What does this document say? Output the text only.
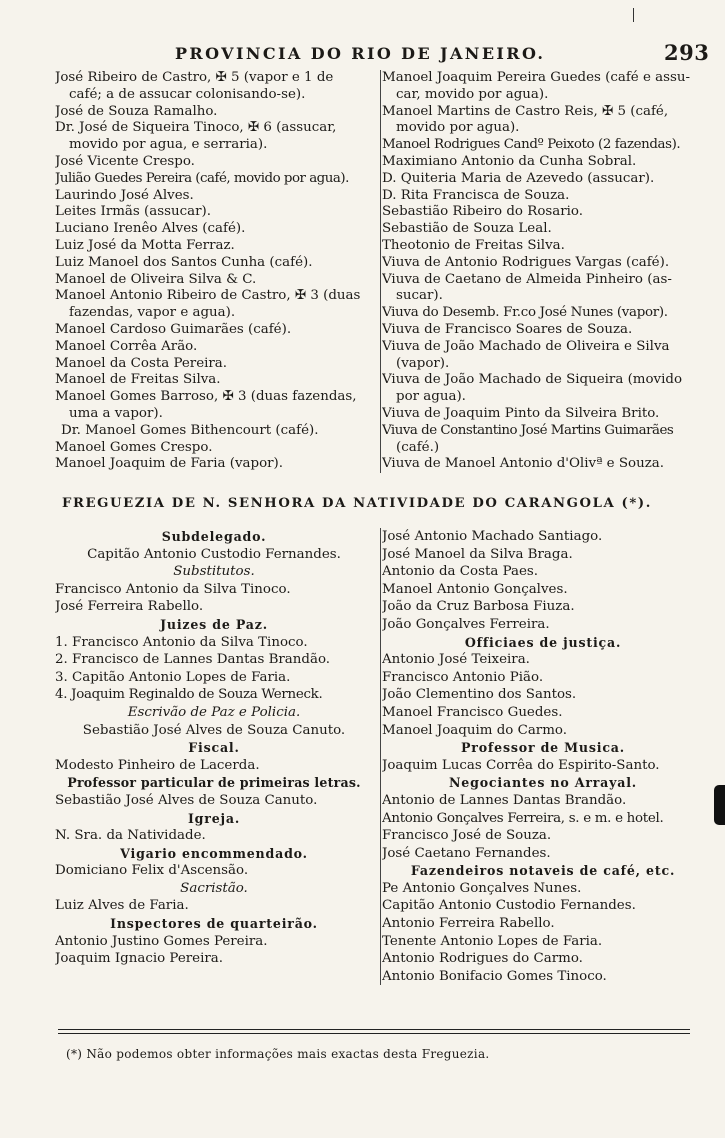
PROVINCIA DO RIO DE JANEIRO.	293

José Ribeiro de Castro, ✠ 5 (vapor e 1 de

café; a de assucar colonisando-se).

José de Souza Ramalho.

Dr. José de Siqueira Tinoco, ✠ 6 (assucar,

movido por agua, e serraria).

José Vicente Crespo.

Julião Guedes Pereira (café, movido por agua).

Laurindo José Alves.

Leites Irmãs (assucar).

Luciano Irenêo Alves (café).

Luiz José da Motta Ferraz.

Luiz Manoel dos Santos Cunha (café).

Manoel de Oliveira Silva & C.

Manoel Antonio Ribeiro de Castro, ✠ 3 (duas

fazendas, vapor e agua).

Manoel Cardoso Guimarães (café).

Manoel Corrêa Arão.

Manoel da Costa Pereira.

Manoel de Freitas Silva.

Manoel Gomes Barroso, ✠ 3 (duas fazendas,

uma a vapor).

Dr. Manoel Gomes Bithencourt (café).

Manoel Gomes Crespo.

Manoel Joaquim de Faria (vapor).

Manoel Joaquim Pereira Guedes (café e assu-

car, movido por agua).

Manoel Martins de Castro Reis, ✠ 5 (café,

movido por agua).

Manoel Rodrigues Candº Peixoto (2 fazendas).

Maximiano Antonio da Cunha Sobral.

D. Quiteria Maria de Azevedo (assucar).

D. Rita Francisca de Souza.

Sebastião Ribeiro do Rosario.

Sebastião de Souza Leal.

Theotonio de Freitas Silva.

Viuva de Antonio Rodrigues Vargas (café).

Viuva de Caetano de Almeida Pinheiro (as-

sucar).

Viuva do Desemb. Fr.co José Nunes (vapor).

Viuva de Francisco Soares de Souza.

Viuva de João Machado de Oliveira e Silva

(vapor).

Viuva de João Machado de Siqueira (movido

por agua).

Viuva de Joaquim Pinto da Silveira Brito.

Viuva de Constantino José Martins Guimarães

(café.)

Viuva de Manoel Antonio d'Olivª e Souza.

FREGUEZIA DE N. SENHORA DA NATIVIDADE DO CARANGOLA (*).

Subdelegado.

Capitão Antonio Custodio Fernandes.

Substitutos.

Francisco Antonio da Silva Tinoco.

José Ferreira Rabello.

Juizes de Paz.

1. Francisco Antonio da Silva Tinoco.

2. Francisco de Lannes Dantas Brandão.

3. Capitão Antonio Lopes de Faria.

4. Joaquim Reginaldo de Souza Werneck.

Escrivão de Paz e Policia.

Sebastião José Alves de Souza Canuto.

Fiscal.

Modesto Pinheiro de Lacerda.

Professor particular de primeiras letras.

Sebastião José Alves de Souza Canuto.

Igreja.

N. Sra. da Natividade.

Vigario encommendado.

Domiciano Felix d'Ascensão.

Sacristão.

Luiz Alves de Faria.

Inspectores de quarteirão.

Antonio Justino Gomes Pereira.

Joaquim Ignacio Pereira.

José Antonio Machado Santiago.

José Manoel da Silva Braga.

Antonio da Costa Paes.

Manoel Antonio Gonçalves.

João da Cruz Barbosa Fiuza.

João Gonçalves Ferreira.

Officiaes de justiça.

Antonio José Teixeira.

Francisco Antonio Pião.

João Clementino dos Santos.

Manoel Francisco Guedes.

Manoel Joaquim do Carmo.

Professor de Musica.

Joaquim Lucas Corrêa do Espirito-Santo.

Negociantes no Arrayal.

Antonio de Lannes Dantas Brandão.

Antonio Gonçalves Ferreira, s. e m. e hotel.

Francisco José de Souza.

José Caetano Fernandes.

Fazendeiros notaveis de café, etc.

Pe Antonio Gonçalves Nunes.

Capitão Antonio Custodio Fernandes.

Antonio Ferreira Rabello.

Tenente Antonio Lopes de Faria.

Antonio Rodrigues do Carmo.

Antonio Bonifacio Gomes Tinoco.

(*) Não podemos obter informações mais exactas desta Freguezia.
